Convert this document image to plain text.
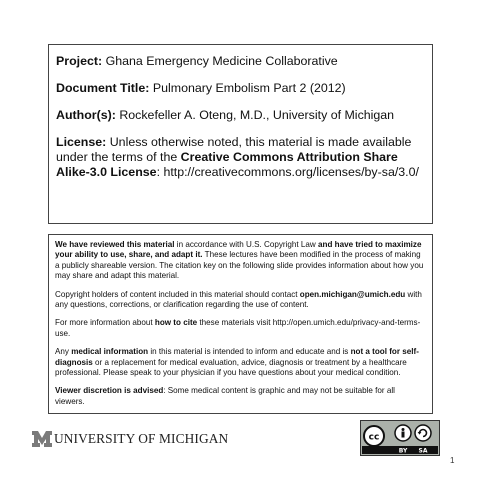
Project: Ghana Emergency Medicine Collaborative

Document Title: Pulmonary Embolism Part 2 (2012)

Author(s): Rockefeller A. Oteng, M.D., University of Michigan

License: Unless otherwise noted, this material is made available under the terms of the Creative Commons Attribution Share Alike-3.0 License: http://creativecommons.org/licenses/by-sa/3.0/

We have reviewed this material in accordance with U.S. Copyright Law and have tried to maximize your ability to use, share, and adapt it. These lectures have been modified in the process of making a publicly shareable version. The citation key on the following slide provides information about how you may share and adapt this material.

Copyright holders of content included in this material should contact open.michigan@umich.edu with any questions, corrections, or clarification regarding the use of content.

For more information about how to cite these materials visit http://open.umich.edu/privacy-and-terms-use.

Any medical information in this material is intended to inform and educate and is not a tool for self-diagnosis or a replacement for medical evaluation, advice, diagnosis or treatment by a healthcare professional. Please speak to your physician if you have questions about your medical condition.

Viewer discretion is advised: Some medical content is graphic and may not be suitable for all viewers.

UNIVERSITY OF MICHIGAN	cc
BY SA
1
